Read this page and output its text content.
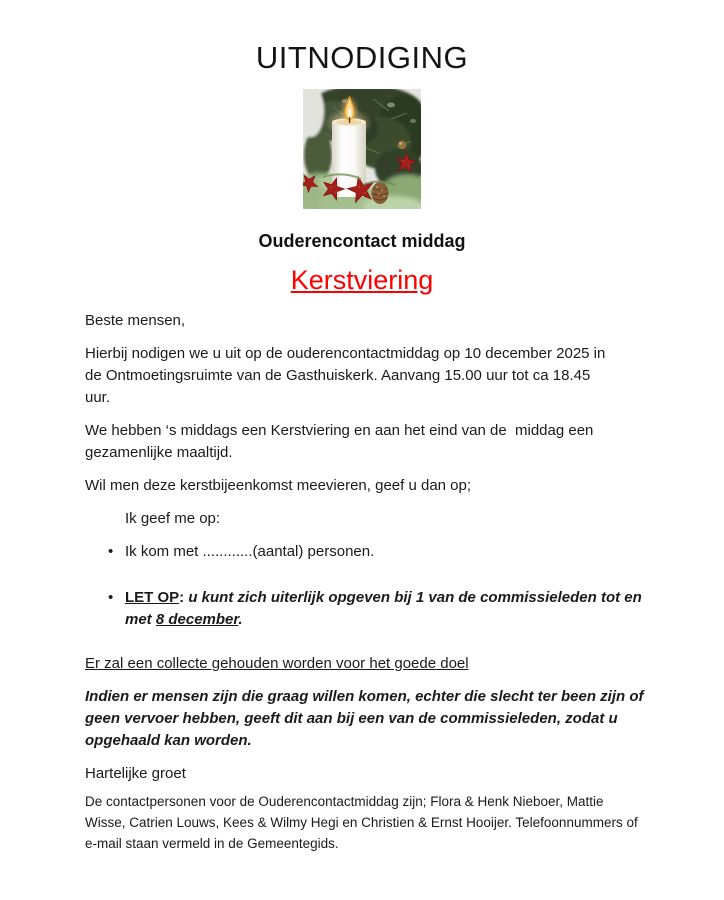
UITNODIGING
Ouderencontact middag
Kerstviering

Beste mensen,

Hierbij nodigen we u uit op de ouderencontactmiddag op 10 december 2025 in
de Ontmoetingsruimte van de Gasthuiskerk. Aanvang 15.00 uur tot ca 18.45
uur.
We hebben ‘s middags een Kerstviering en aan het eind van de  middag een
gezamenlijke maaltijd.

Wil men deze kerstbijeenkomst meevieren, geef u dan op;

Ik geef me op:

• Ik kom met ............(aantal) personen.
• LET OP: u kunt zich uiterlijk opgeven bij 1 van de commissieleden tot en
met 8 december.

Er zal een collecte gehouden worden voor het goede doel

Indien er mensen zijn die graag willen komen, echter die slecht ter been zijn of
geen vervoer hebben, geeft dit aan bij een van de commissieleden, zodat u
opgehaald kan worden.

Hartelijke groet

De contactpersonen voor de Ouderencontactmiddag zijn; Flora & Henk Nieboer, Mattie
Wisse, Catrien Louws, Kees & Wilmy Hegi en Christien & Ernst Hooijer. Telefoonnummers of
e-mail staan vermeld in de Gemeentegids.
